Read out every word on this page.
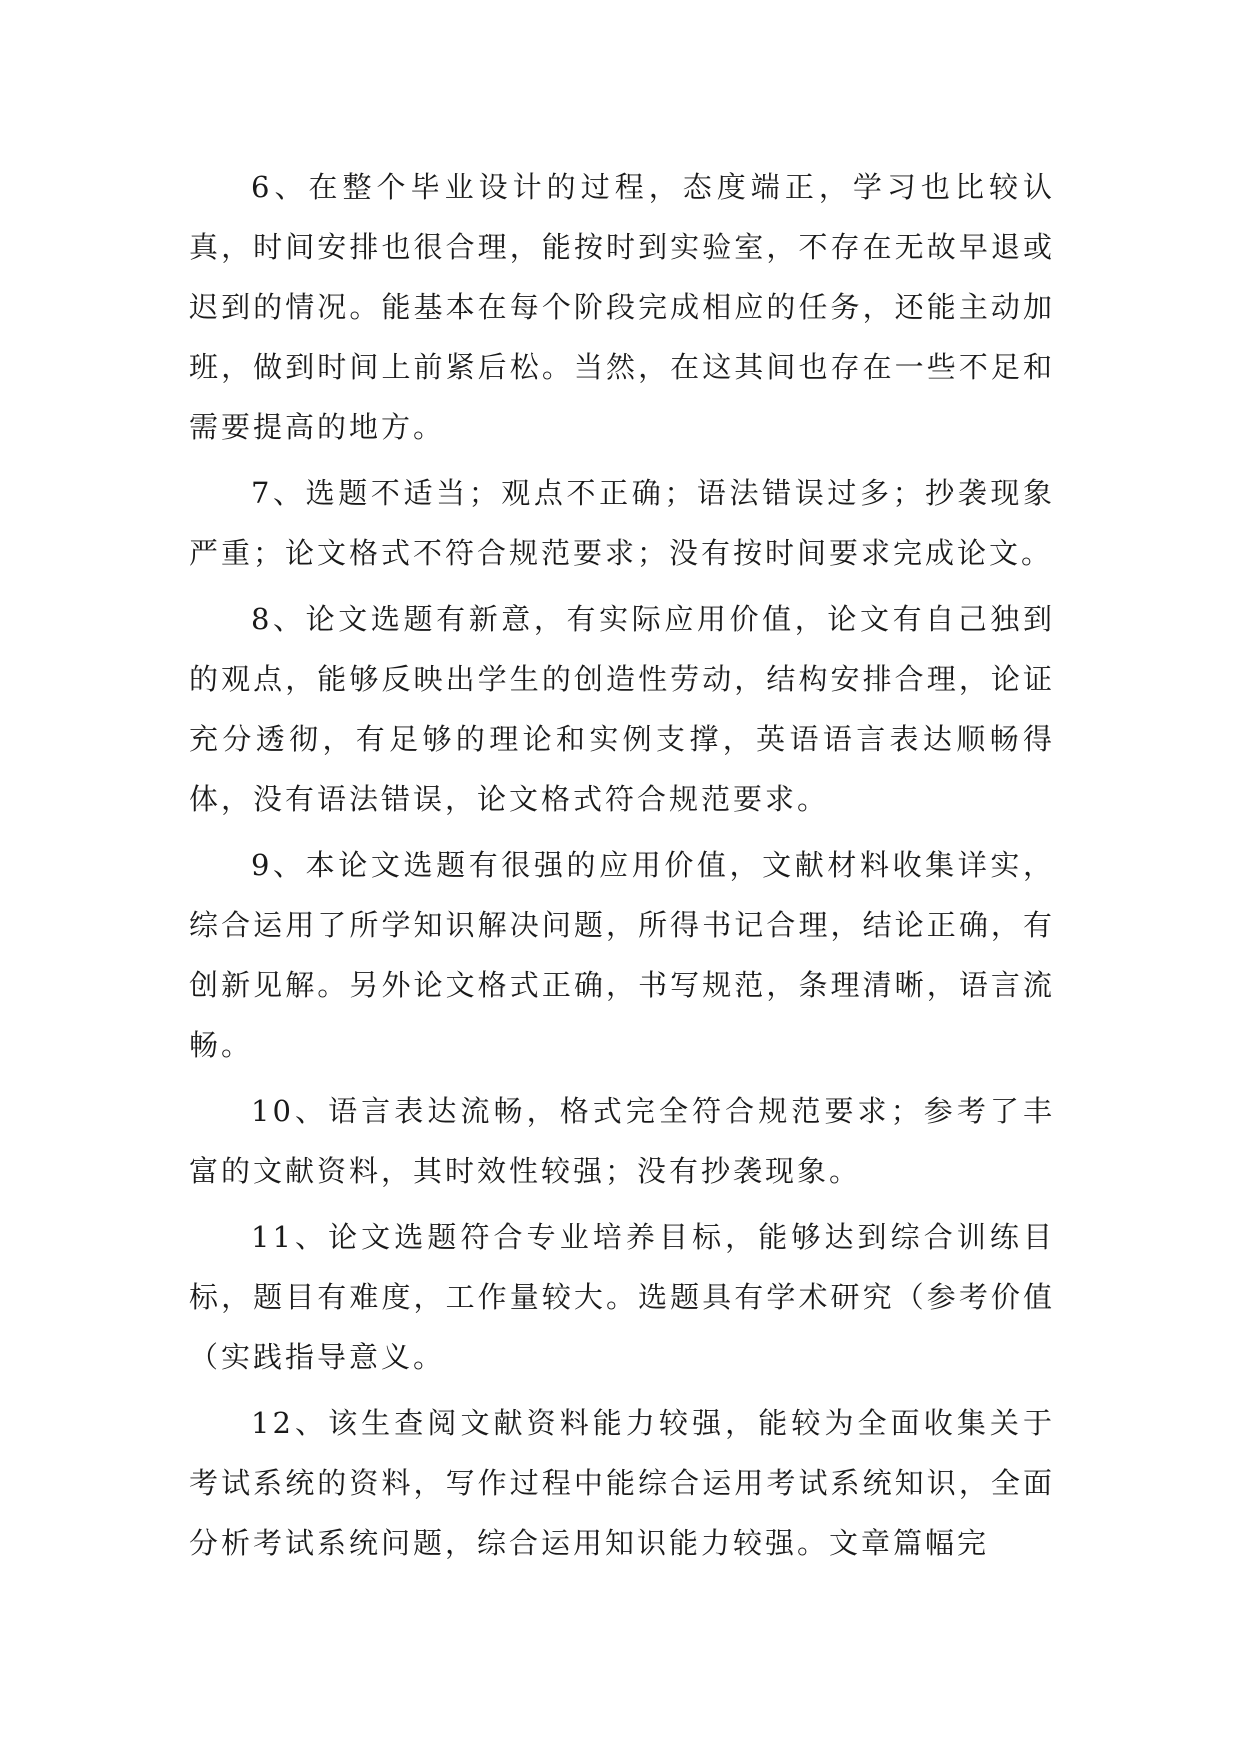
6、在整个毕业设计的过程，态度端正，学习也比较认真，时间安排也很合理，能按时到实验室，不存在无故早退或迟到的情况。能基本在每个阶段完成相应的任务，还能主动加班，做到时间上前紧后松。当然，在这其间也存在一些不足和需要提高的地方。

7、选题不适当；观点不正确；语法错误过多；抄袭现象严重；论文格式不符合规范要求；没有按时间要求完成论文。

8、论文选题有新意，有实际应用价值，论文有自己独到的观点，能够反映出学生的创造性劳动，结构安排合理，论证充分透彻，有足够的理论和实例支撑，英语语言表达顺畅得体，没有语法错误，论文格式符合规范要求。

9、本论文选题有很强的应用价值，文献材料收集详实，综合运用了所学知识解决问题，所得书记合理，结论正确，有创新见解。另外论文格式正确，书写规范，条理清晰，语言流畅。

10、语言表达流畅，格式完全符合规范要求；参考了丰富的文献资料，其时效性较强；没有抄袭现象。

11、论文选题符合专业培养目标，能够达到综合训练目标，题目有难度，工作量较大。选题具有学术研究（参考价值（实践指导意义。

12、该生查阅文献资料能力较强，能较为全面收集关于考试系统的资料，写作过程中能综合运用考试系统知识，全面分析考试系统问题，综合运用知识能力较强。文章篇幅完
